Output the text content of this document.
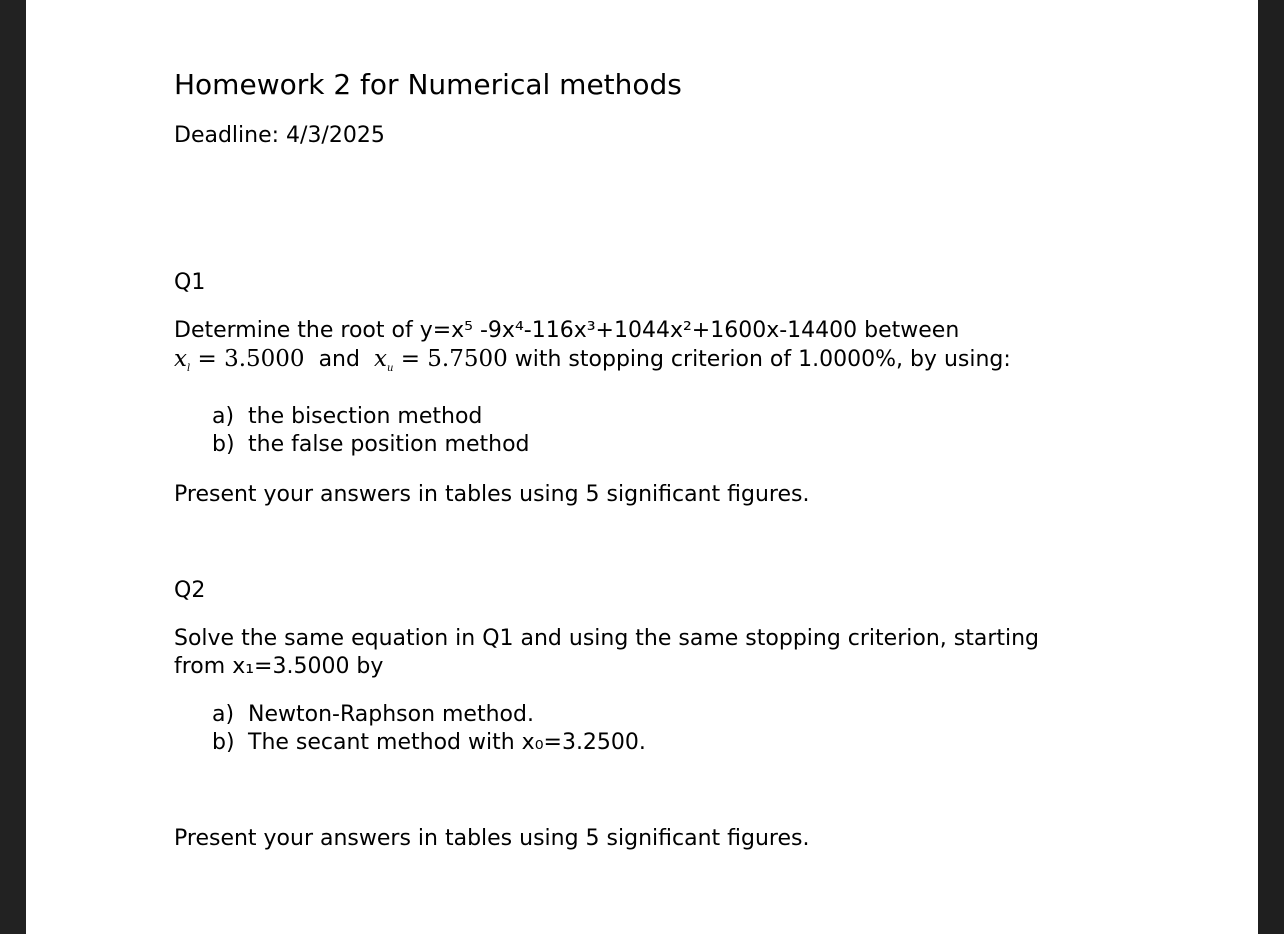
Homework 2 for Numerical methods
Deadline: 4/3/2025
Q1
Determine the root of y=x⁵ -9x⁴-116x³+1044x²+1600x-14400 between
$x_l = 3.5000$ and $x_u = 5.7500$ with stopping criterion of 1.0000%, by using:
a) the bisection method
b) the false position method
Present your answers in tables using 5 significant figures.
Q2
Solve the same equation in Q1 and using the same stopping criterion, starting
from x₁=3.5000 by
a) Newton-Raphson method.
b) The secant method with x₀=3.2500.
Present your answers in tables using 5 significant figures.
